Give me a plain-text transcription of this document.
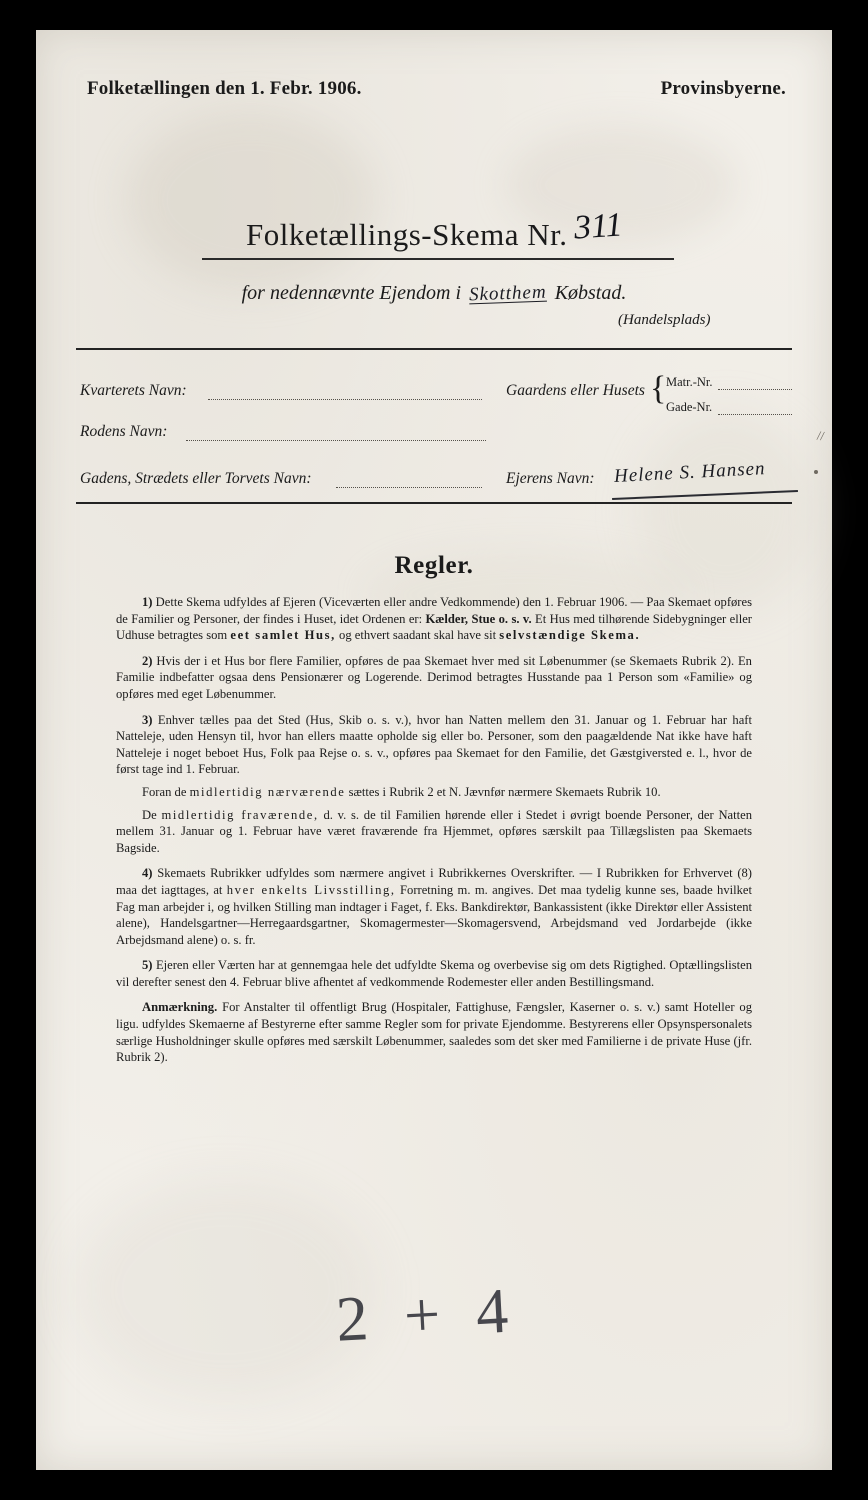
Folketællingen den 1. Febr. 1906.	Provinsbyerne.
Folketællings-Skema Nr. 311
for nedennævnte Ejendom i Skotthem Købstad.
(Handelsplads)
Kvarterets Navn:	Gaardens eller Husets { Matr.-Nr.
Gade-Nr.
Rodens Navn:
Gadens, Strædets eller Torvets Navn:	Ejerens Navn: Helene S. Hansen
//
Regler.

1) Dette Skema udfyldes af Ejeren (Viceværten eller andre Vedkommende) den 1. Februar 1906. — Paa Skemaet opføres de Familier og Personer, der findes i Huset, idet Ordenen er: Kælder, Stue o. s. v. Et Hus med tilhørende Sidebygninger eller Udhuse betragtes som eet samlet Hus, og ethvert saadant skal have sit selvstændige Skema.

2) Hvis der i et Hus bor flere Familier, opføres de paa Skemaet hver med sit Løbenummer (se Skemaets Rubrik 2). En Familie indbefatter ogsaa dens Pensionærer og Logerende. Derimod betragtes Husstande paa 1 Person som «Familie» og opføres med eget Løbenummer.

3) Enhver tælles paa det Sted (Hus, Skib o. s. v.), hvor han Natten mellem den 31. Januar og 1. Februar har haft Natteleje, uden Hensyn til, hvor han ellers maatte opholde sig eller bo. Personer, som den paagældende Nat ikke have haft Natteleje i noget beboet Hus, Folk paa Rejse o. s. v., opføres paa Skemaet for den Familie, det Gæstgiversted e. l., hvor de først tage ind 1. Februar.

Foran de midlertidig nærværende sættes i Rubrik 2 et N. Jævnfør nærmere Skemaets Rubrik 10.

De midlertidig fraværende, d. v. s. de til Familien hørende eller i Stedet i øvrigt boende Personer, der Natten mellem 31. Januar og 1. Februar have været fraværende fra Hjemmet, opføres særskilt paa Tillægslisten paa Skemaets Bagside.

4) Skemaets Rubrikker udfyldes som nærmere angivet i Rubrikkernes Overskrifter. — I Rubrikken for Erhvervet (8) maa det iagttages, at hver enkelts Livsstilling, Forretning m. m. angives. Det maa tydelig kunne ses, baade hvilket Fag man arbejder i, og hvilken Stilling man indtager i Faget, f. Eks. Bankdirektør, Bankassistent (ikke Direktør eller Assistent alene), Handelsgartner—Herregaardsgartner, Skomagermester—Skomagersvend, Arbejdsmand ved Jordarbejde (ikke Arbejdsmand alene) o. s. fr.

5) Ejeren eller Værten har at gennemgaa hele det udfyldte Skema og overbevise sig om dets Rigtighed. Optællingslisten vil derefter senest den 4. Februar blive afhentet af vedkommende Rodemester eller anden Bestillingsmand.

Anmærkning. For Anstalter til offentligt Brug (Hospitaler, Fattighuse, Fængsler, Kaserner o. s. v.) samt Hoteller og ligu. udfyldes Skemaerne af Bestyrerne efter samme Regler som for private Ejendomme. Bestyrerens eller Opsynspersonalets særlige Husholdninger skulle opføres med særskilt Løbenummer, saaledes som det sker med Familierne i de private Huse (jfr. Rubrik 2).

2 + 4
